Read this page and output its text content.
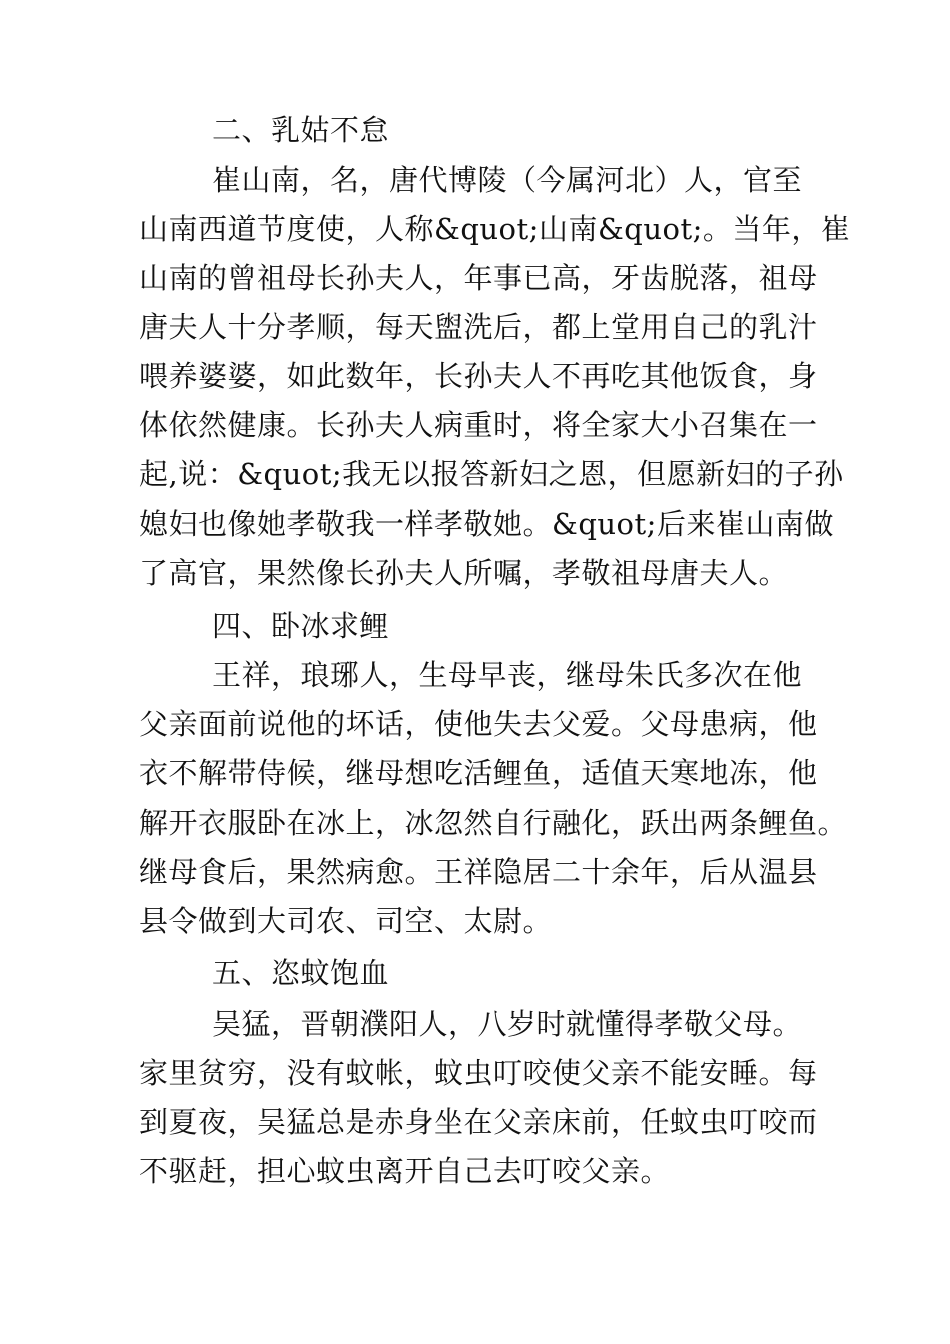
二、乳姑不怠
崔山南，名，唐代博陵（今属河北）人，官至
山南西道节度使，人称&quot;山南&quot;。当年，崔
山南的曾祖母长孙夫人，年事已高，牙齿脱落，祖母
唐夫人十分孝顺，每天盥洗后，都上堂用自己的乳汁
喂养婆婆，如此数年，长孙夫人不再吃其他饭食，身
体依然健康。长孙夫人病重时，将全家大小召集在一
起,说：&quot;我无以报答新妇之恩，但愿新妇的子孙
媳妇也像她孝敬我一样孝敬她。&quot;后来崔山南做
了高官，果然像长孙夫人所嘱，孝敬祖母唐夫人。
四、卧冰求鲤
王祥，琅琊人，生母早丧，继母朱氏多次在他
父亲面前说他的坏话，使他失去父爱。父母患病，他
衣不解带侍候，继母想吃活鲤鱼，适值天寒地冻，他
解开衣服卧在冰上，冰忽然自行融化，跃出两条鲤鱼。
继母食后，果然病愈。王祥隐居二十余年，后从温县
县令做到大司农、司空、太尉。
五、恣蚊饱血
吴猛，晋朝濮阳人，八岁时就懂得孝敬父母。
家里贫穷，没有蚊帐，蚊虫叮咬使父亲不能安睡。每
到夏夜，吴猛总是赤身坐在父亲床前，任蚊虫叮咬而
不驱赶，担心蚊虫离开自己去叮咬父亲。
